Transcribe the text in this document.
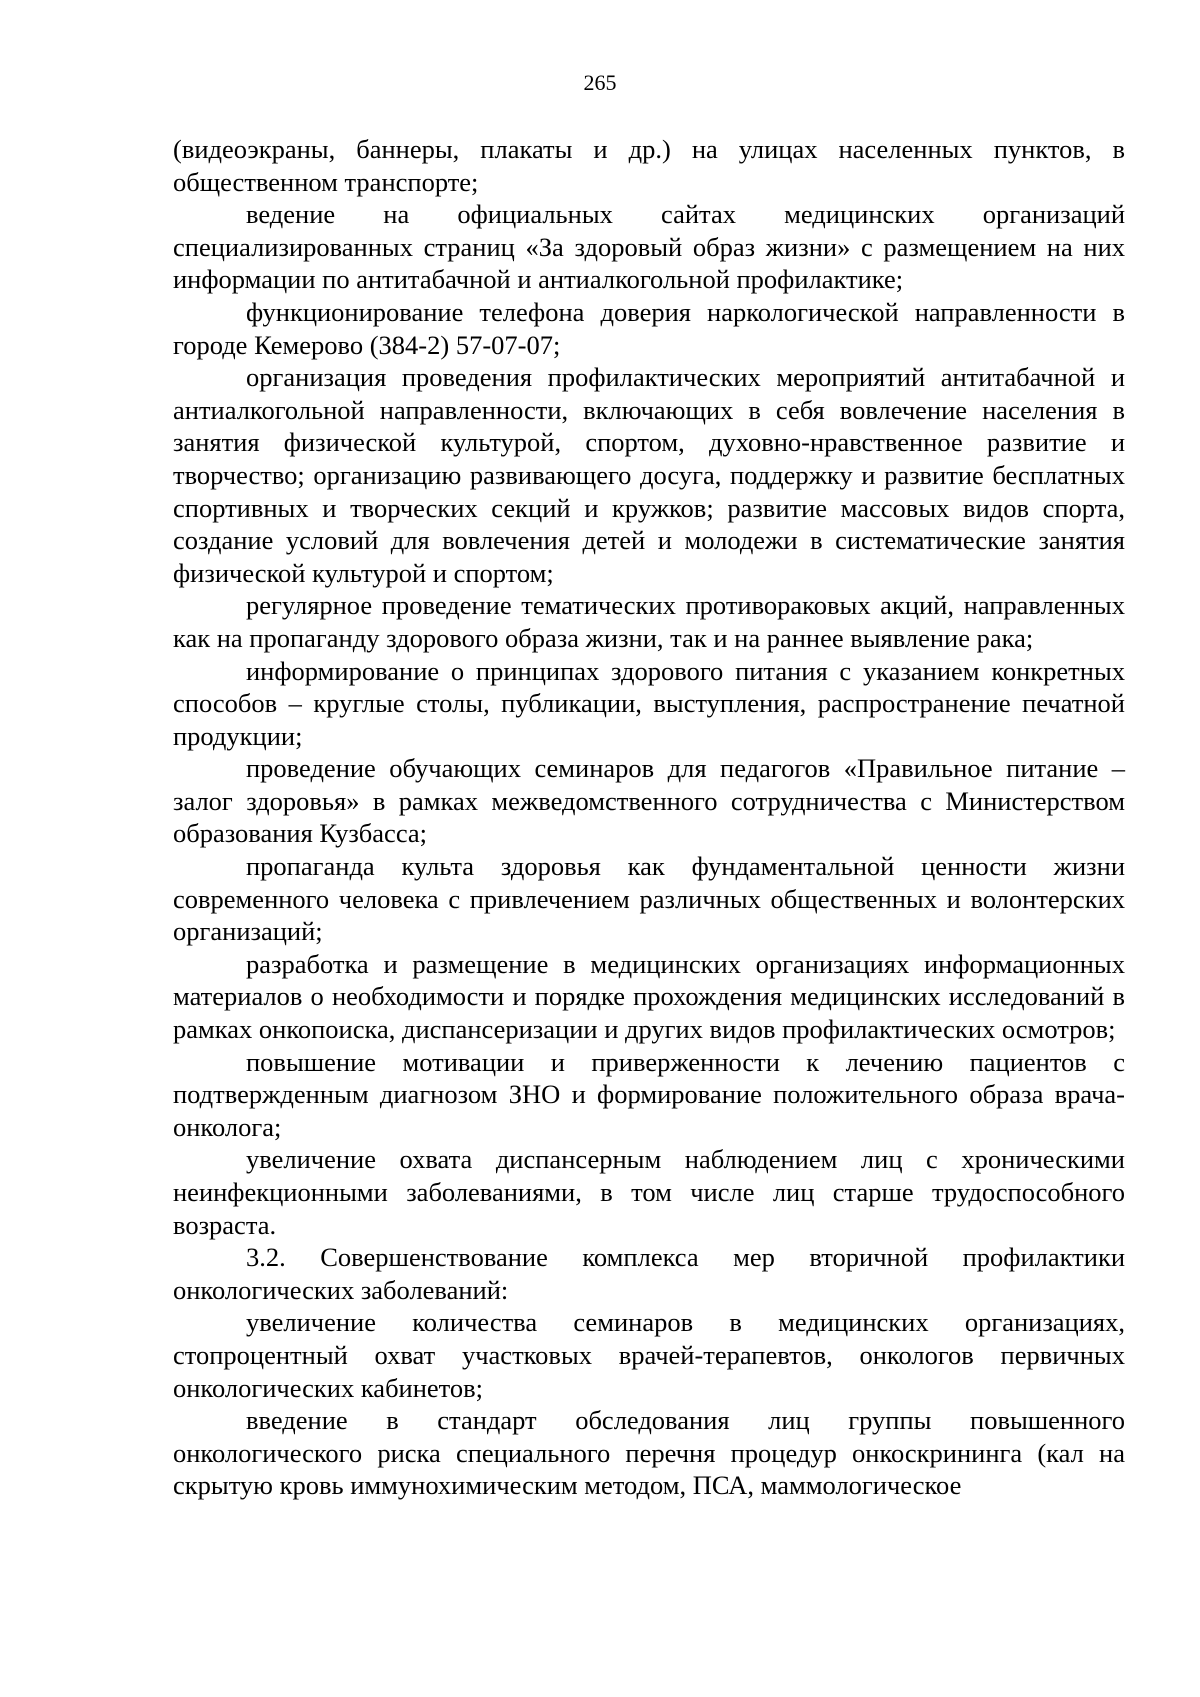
265

(видеоэкраны, баннеры, плакаты и др.) на улицах населенных пунктов, в общественном транспорте;

ведение на официальных сайтах медицинских организаций специализированных страниц «За здоровый образ жизни» с размещением на них информации по антитабачной и антиалкогольной профилактике;

функционирование телефона доверия наркологической направленности в городе Кемерово (384-2) 57-07-07;

организация проведения профилактических мероприятий антитабачной и антиалкогольной направленности, включающих в себя вовлечение населения в занятия физической культурой, спортом, духовно-нравственное развитие и творчество; организацию развивающего досуга, поддержку и развитие бесплатных спортивных и творческих секций и кружков; развитие массовых видов спорта, создание условий для вовлечения детей и молодежи в систематические занятия физической культурой и спортом;

регулярное проведение тематических противораковых акций, направленных как на пропаганду здорового образа жизни, так и на раннее выявление рака;

информирование о принципах здорового питания с указанием конкретных способов – круглые столы, публикации, выступления, распространение печатной продукции;

проведение обучающих семинаров для педагогов «Правильное питание – залог здоровья» в рамках межведомственного сотрудничества с Министерством образования Кузбасса;

пропаганда культа здоровья как фундаментальной ценности жизни современного человека с привлечением различных общественных и волонтерских организаций;

разработка и размещение в медицинских организациях информационных материалов о необходимости и порядке прохождения медицинских исследований в рамках онкопоиска, диспансеризации и других видов профилактических осмотров;

повышение мотивации и приверженности к лечению пациентов с подтвержденным диагнозом ЗНО и формирование положительного образа врача-онколога;

увеличение охвата диспансерным наблюдением лиц с хроническими неинфекционными заболеваниями, в том числе лиц старше трудоспособного возраста.

3.2. Совершенствование комплекса мер вторичной профилактики онкологических заболеваний:

увеличение количества семинаров в медицинских организациях, стопроцентный охват участковых врачей-терапевтов, онкологов первичных онкологических кабинетов;

введение в стандарт обследования лиц группы повышенного онкологического риска специального перечня процедур онкоскрининга (кал на скрытую кровь иммунохимическим методом, ПСА, маммологическое
